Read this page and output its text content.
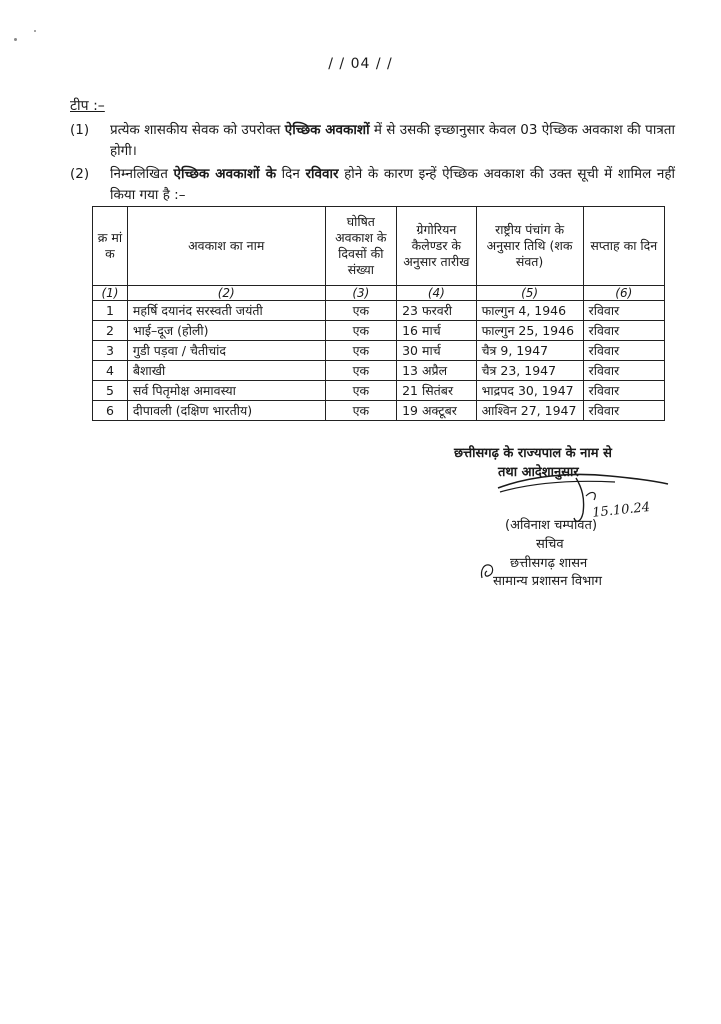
/ / 04 / /
टीप :–
(1) प्रत्येक शासकीय सेवक को उपरोक्त ऐच्छिक अवकाशों में से उसकी इच्छानुसार केवल 03 ऐच्छिक अवकाश की पात्रता होगी।
(2) निम्नलिखित ऐच्छिक अवकाशों के दिन रविवार होने के कारण इन्हें ऐच्छिक अवकाश की उक्त सूची में शामिल नहीं किया गया है :–
क्र मां क	अवकाश का नाम	घोषित अवकाश के दिवसों की संख्या	ग्रेगोरियन कैलेण्डर के अनुसार तारीख	राष्ट्रीय पंचांग के अनुसार तिथि (शक संवत)	सप्ताह का दिन
(1)	(2)	(3)	(4)	(5)	(6)
1	महर्षि दयानंद सरस्वती जयंती	एक	23 फरवरी	फाल्गुन 4, 1946	रविवार
2	भाई–दूज (होली)	एक	16 मार्च	फाल्गुन 25, 1946	रविवार
3	गुडी पड़वा / चैतीचांद	एक	30 मार्च	चैत्र 9, 1947	रविवार
4	बैशाखी	एक	13 अप्रैल	चैत्र 23, 1947	रविवार
5	सर्व पितृमोक्ष अमावस्या	एक	21 सितंबर	भाद्रपद 30, 1947	रविवार
6	दीपावली (दक्षिण भारतीय)	एक	19 अक्टूबर	आश्विन 27, 1947	रविवार
छत्तीसगढ़ के राज्यपाल के नाम से
तथा आदेशानुसार
15.10.24
(अविनाश चम्पावत)
सचिव
छत्तीसगढ़ शासन
सामान्य प्रशासन विभाग
